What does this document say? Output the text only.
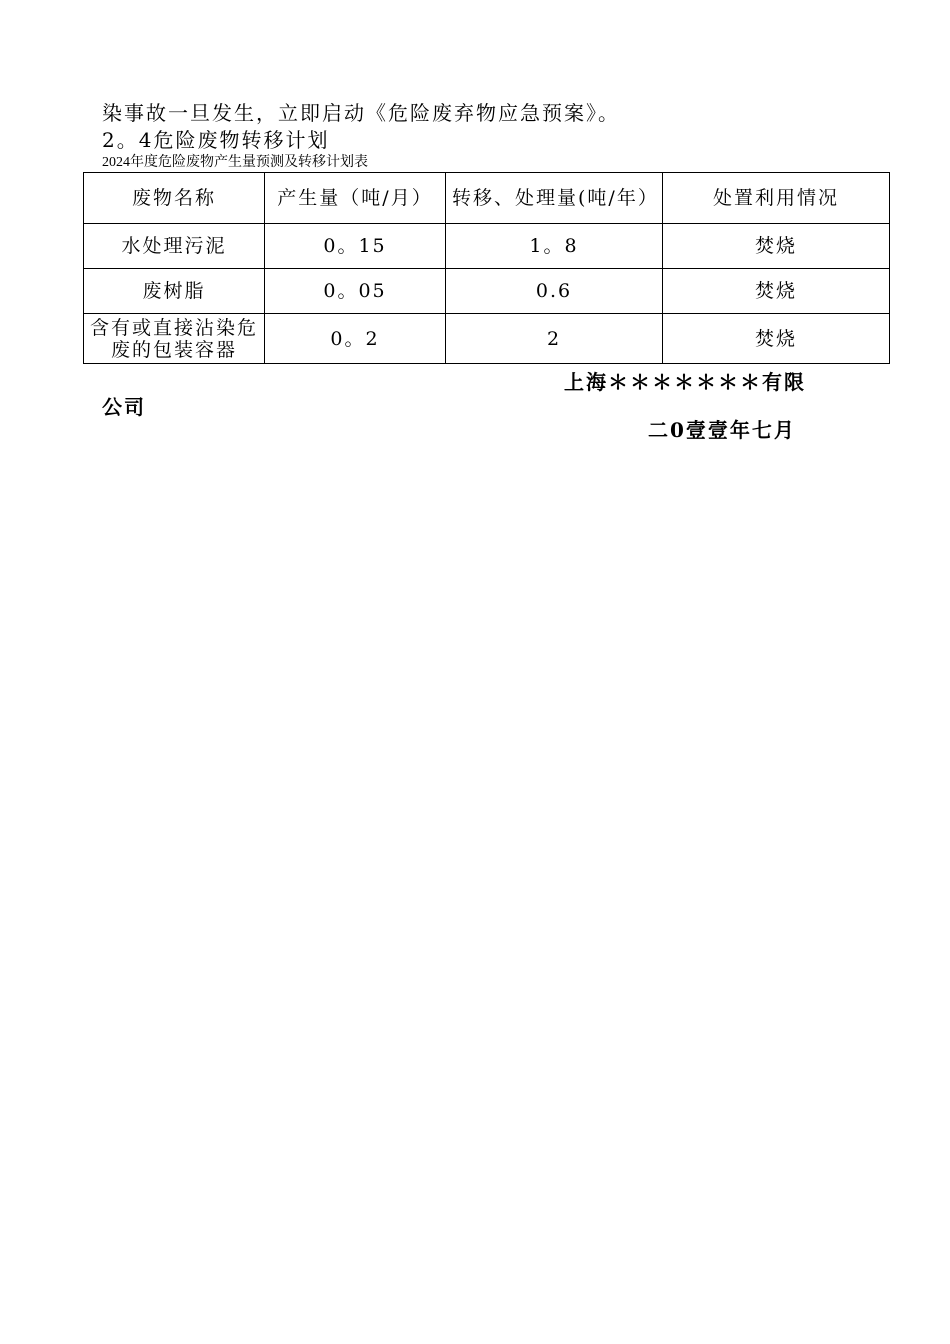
染事故一旦发生，立即启动《危险废弃物应急预案》。
2。4危险废物转移计划
2024年度危险废物产生量预测及转移计划表
废物名称	产生量（吨/月）	转移、处理量(吨/年）	处置利用情况
水处理污泥	0。15	1。8	焚烧
废树脂	0。05	0.6	焚烧
含有或直接沾染危废的包装容器	0。2	2	焚烧
上海＊＊＊＊＊＊＊有限
公司
二0壹壹年七月
